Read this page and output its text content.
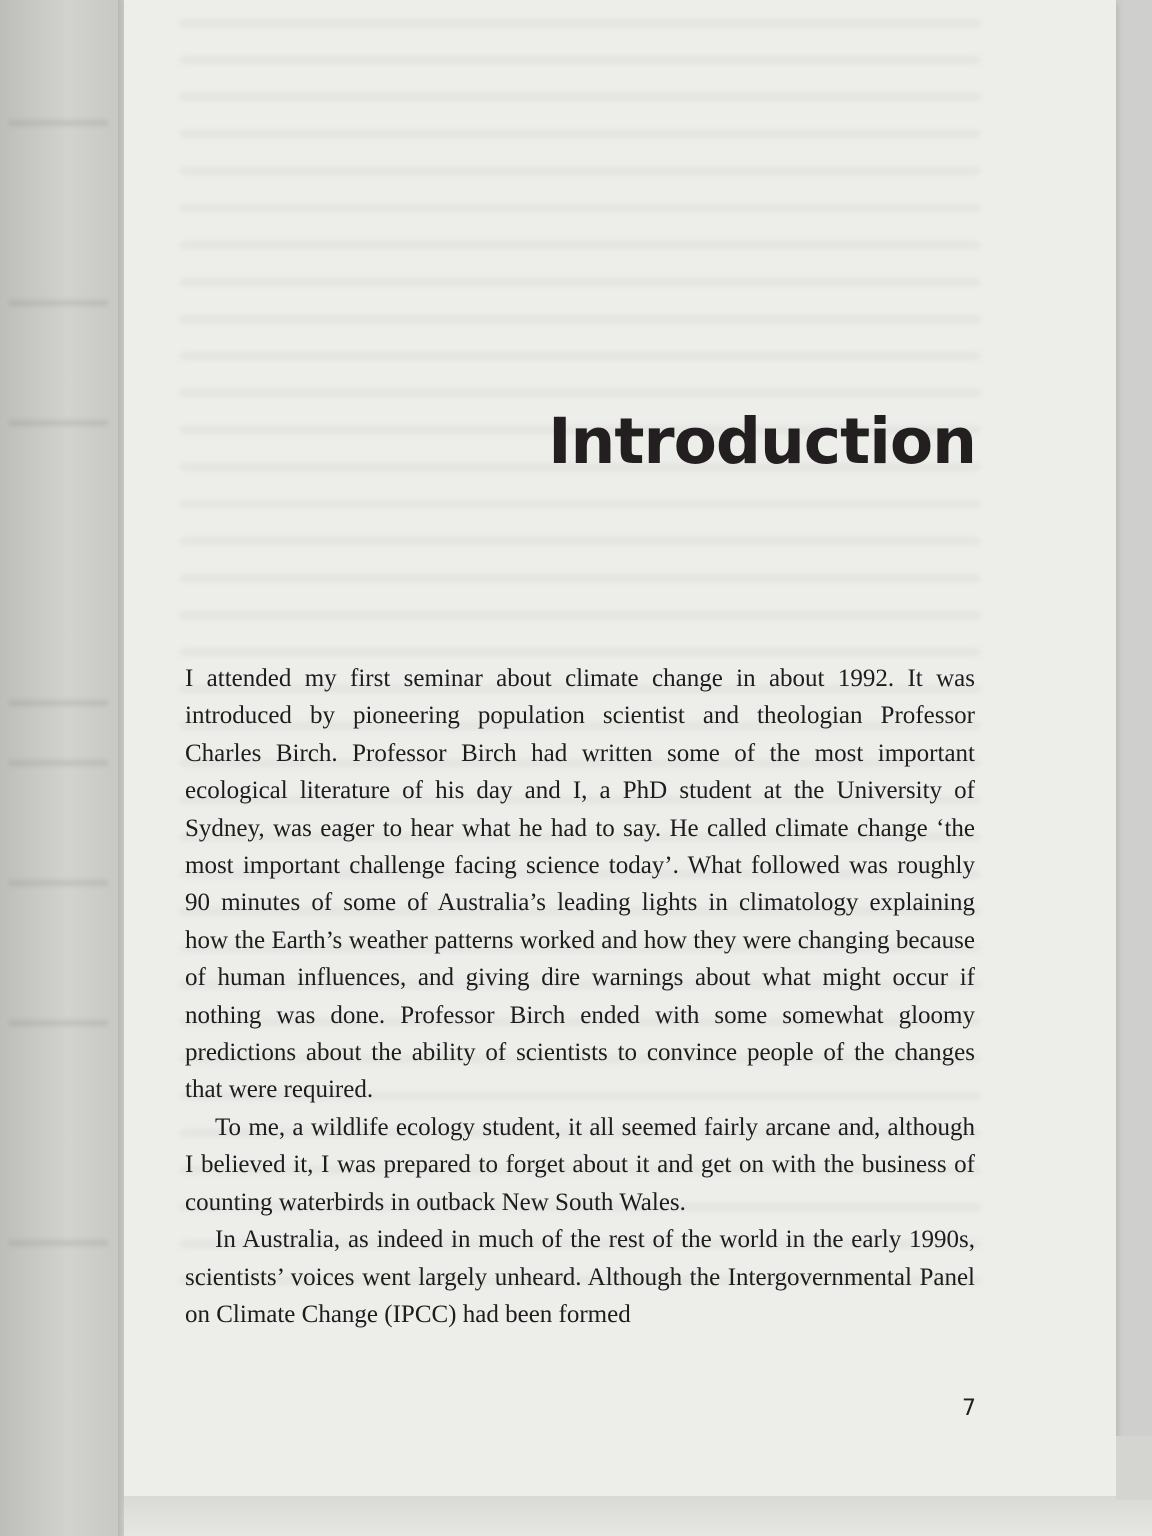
Introduction

I attended my first seminar about climate change in about 1992. It was introduced by pioneering population scientist and theologian Professor Charles Birch. Professor Birch had written some of the most important ecological literature of his day and I, a PhD student at the University of Sydney, was eager to hear what he had to say. He called climate change ‘the most important challenge facing science today’. What followed was roughly 90 minutes of some of Australia’s leading lights in climatology explaining how the Earth’s weather patterns worked and how they were changing because of human influences, and giving dire warnings about what might occur if nothing was done. Professor Birch ended with some somewhat gloomy predictions about the ability of scientists to convince people of the changes that were required.

To me, a wildlife ecology student, it all seemed fairly arcane and, although I believed it, I was prepared to forget about it and get on with the business of counting waterbirds in outback New South Wales.

In Australia, as indeed in much of the rest of the world in the early 1990s, scientists’ voices went largely unheard. Although the Intergovernmental Panel on Climate Change (IPCC) had been formed

7
